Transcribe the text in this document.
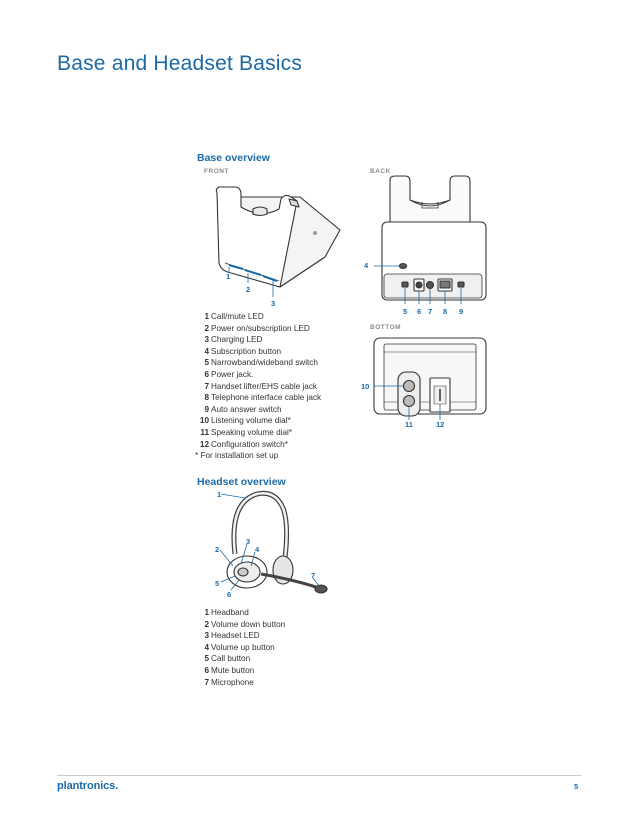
Base and Headset Basics
Base overview
FRONT	BACK
BOTTOM
1
2
3
4
5 6 7 8 9
10
11	12
1 Call/mute LED
2 Power on/subscription LED
3 Charging LED
4 Subscription button
5 Narrowband/wideband switch
6 Power jack.
7 Handset lifter/EHS cable jack
8 Telephone interface cable jack
9 Auto answer switch
10 Listening volume dial*
11 Speaking volume dial*
12 Configuration switch*
* For installation set up
Headset overview
1
2
3
4
5
6
7
1 Headband
2 Volume down button
3 Headset LED
4 Volume up button
5 Call button
6 Mute button
7 Microphone
plantronics.	5
